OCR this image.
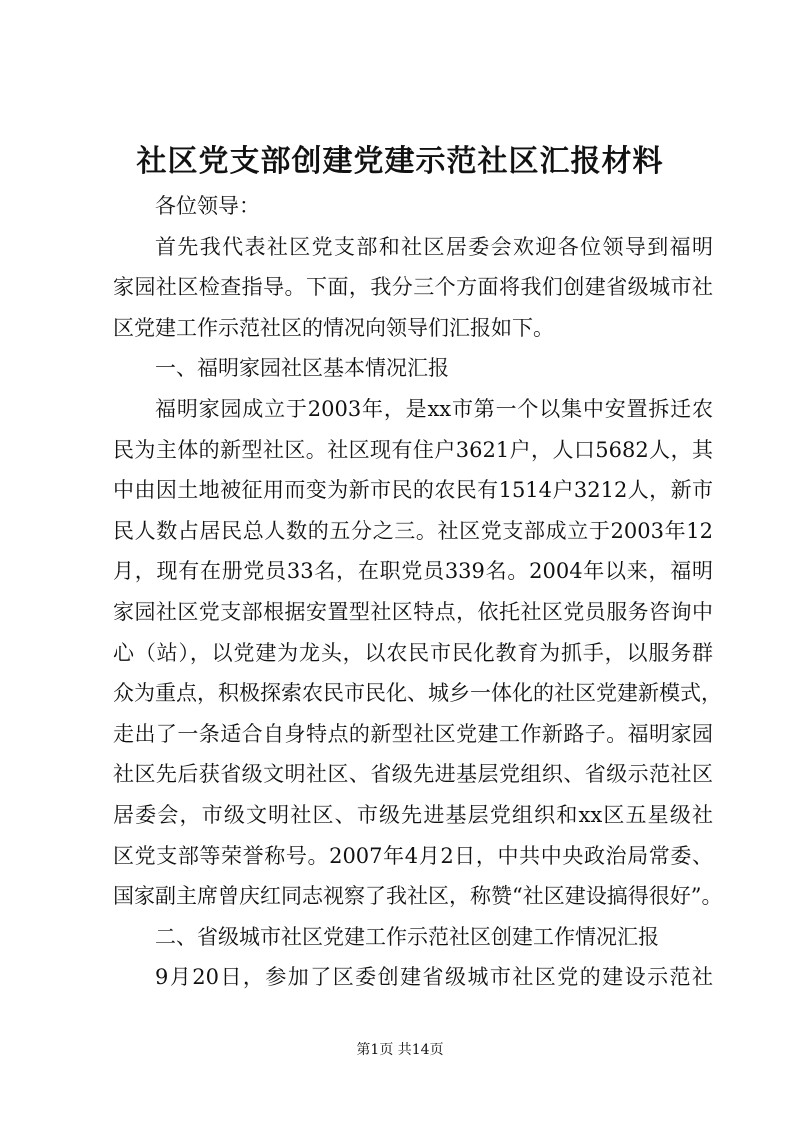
社区党支部创建党建示范社区汇报材料
各位领导：
首先我代表社区党支部和社区居委会欢迎各位领导到福明
家园社区检查指导。下面，我分三个方面将我们创建省级城市社
区党建工作示范社区的情况向领导们汇报如下。
一、福明家园社区基本情况汇报
福明家园成立于2003年，是xx市第一个以集中安置拆迁农
民为主体的新型社区。社区现有住户3621户，人口5682人，其
中由因土地被征用而变为新市民的农民有1514户3212人，新市
民人数占居民总人数的五分之三。社区党支部成立于2003年12
月，现有在册党员33名，在职党员339名。2004年以来，福明
家园社区党支部根据安置型社区特点，依托社区党员服务咨询中
心（站），以党建为龙头，以农民市民化教育为抓手，以服务群
众为重点，积极探索农民市民化、城乡一体化的社区党建新模式，
走出了一条适合自身特点的新型社区党建工作新路子。福明家园
社区先后获省级文明社区、省级先进基层党组织、省级示范社区
居委会，市级文明社区、市级先进基层党组织和xx区五星级社
区党支部等荣誉称号。2007年4月2日，中共中央政治局常委、
国家副主席曾庆红同志视察了我社区，称赞“社区建设搞得很好”。
二、省级城市社区党建工作示范社区创建工作情况汇报
9月20日，参加了区委创建省级城市社区党的建设示范社
第1页 共14页
